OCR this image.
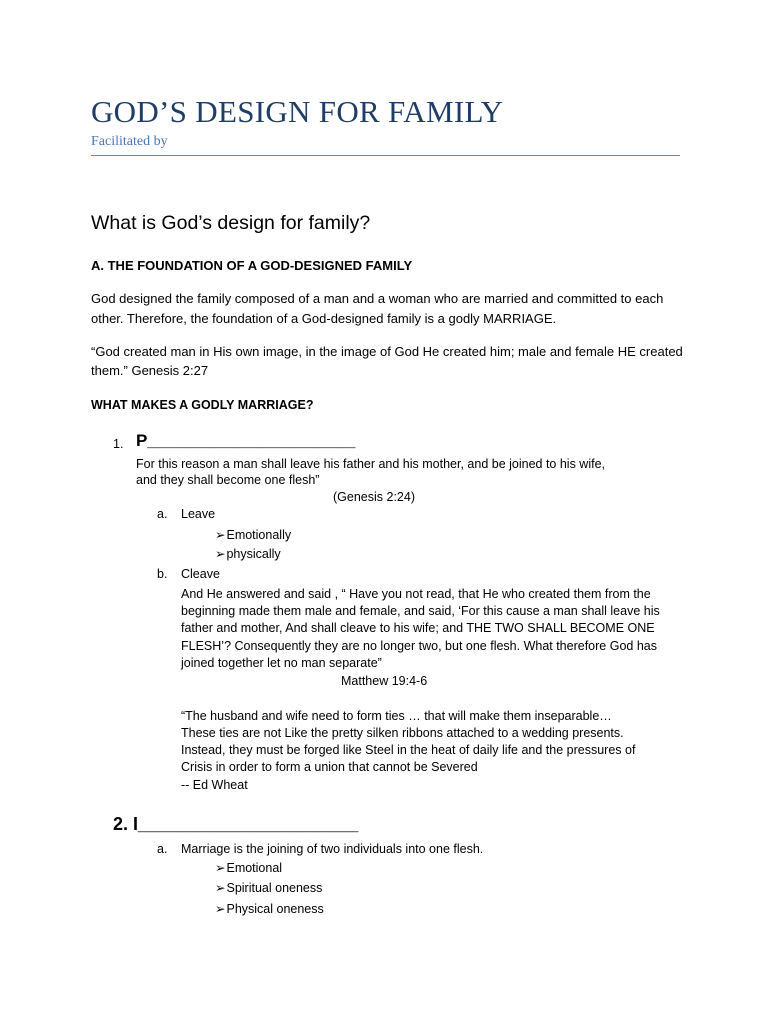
GOD’S DESIGN FOR FAMILY
Facilitated by
What is God’s design for family?
A. THE FOUNDATION OF A GOD-DESIGNED FAMILY
God designed the family composed of a man and a woman who are married and committed to each
other. Therefore, the foundation of a God-designed family is a godly MARRIAGE.
“God created man in His own image, in the image of God He created him; male and female HE created
them.” Genesis 2:27
WHAT MAKES A GODLY MARRIAGE?
1. P______________________
For this reason a man shall leave his father and his mother, and be joined to his wife,
and they shall become one flesh”
(Genesis 2:24)
a. Leave
➢Emotionally
➢physically
b. Cleave
And He answered and said , “ Have you not read, that He who created them from the
beginning made them male and female, and said, ‘For this cause a man shall leave his
father and mother, And shall cleave to his wife; and THE TWO SHALL BECOME ONE
FLESH’? Consequently they are no longer two, but one flesh. What therefore God has
joined together let no man separate”
Matthew 19:4-6
“The husband and wife need to form ties … that will make them inseparable…
These ties are not Like the pretty silken ribbons attached to a wedding presents.
Instead, they must be forged like Steel in the heat of daily life and the pressures of
Crisis in order to form a union that cannot be Severed
-- Ed Wheat
2. I______________________
a. Marriage is the joining of two individuals into one flesh.
➢Emotional
➢Spiritual oneness
➢Physical oneness
